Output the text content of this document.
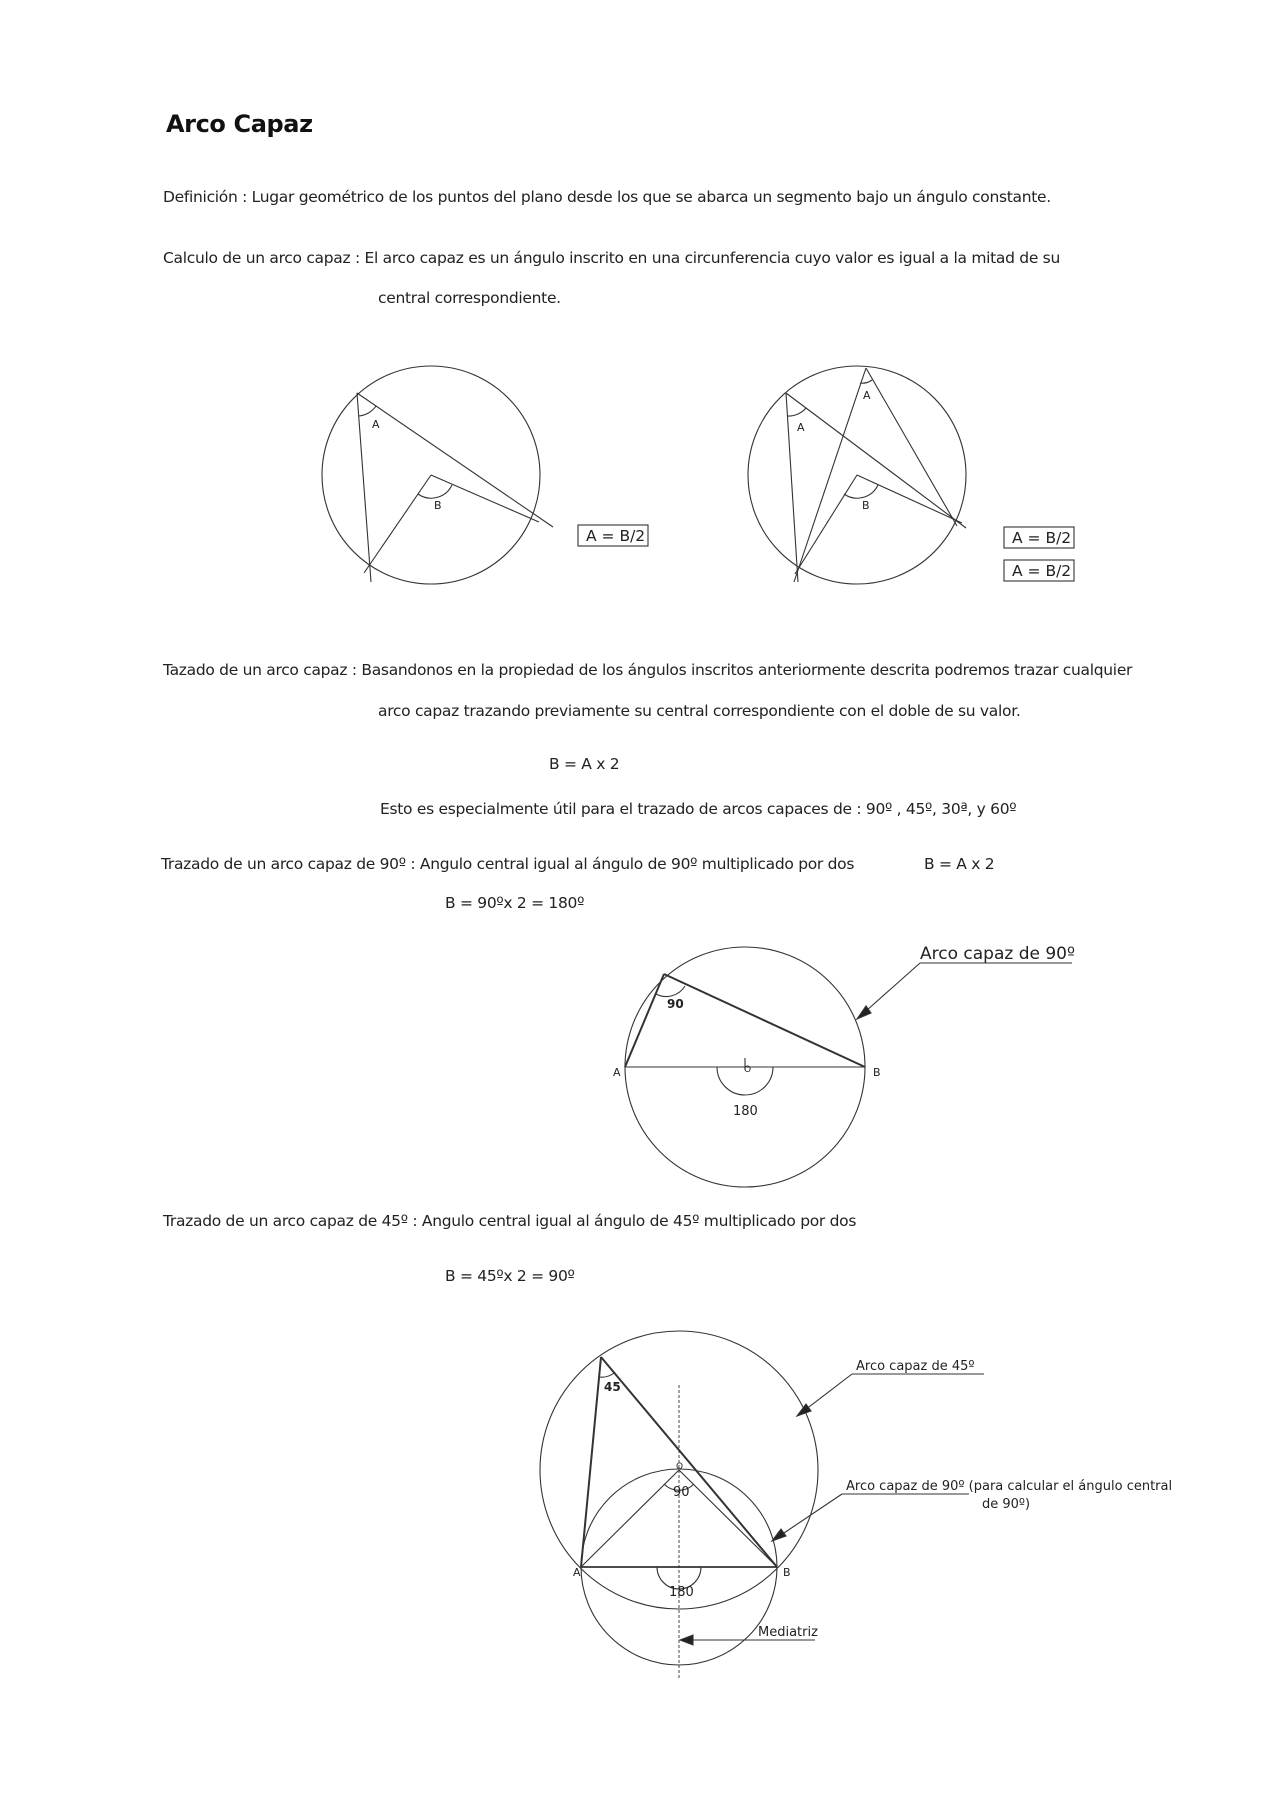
Arco Capaz
Definición : Lugar geométrico de los puntos del plano desde los que se abarca un segmento bajo un ángulo constante.
Calculo de un arco capaz : El arco capaz es un ángulo inscrito en una circunferencia cuyo valor es igual a la mitad de su
central correspondiente.
Tazado de un arco capaz : Basandonos en la propiedad de los ángulos inscritos anteriormente descrita podremos trazar cualquier
arco capaz trazando previamente su central correspondiente con el doble de su valor.
B = A x 2
Esto es especialmente útil para el trazado de arcos capaces de : 90º , 45º, 30ª, y 60º
Trazado de un arco capaz de 90º : Angulo central igual al ángulo de 90º multiplicado por dos	B = A x 2
B = 90ºx 2 = 180º
Trazado de un arco capaz de 45º : Angulo central igual al ángulo de 45º multiplicado por dos
B = 45ºx 2 = 90º
A
B
A
A
B
A	B
O
A	B
O
180
90
180
90
45
A = B/2	A = B/2
A = B/2
Arco capaz de 90º
Arco capaz de 45º
Arco capaz de 90º (para calcular el ángulo central
de 90º)
Mediatriz
